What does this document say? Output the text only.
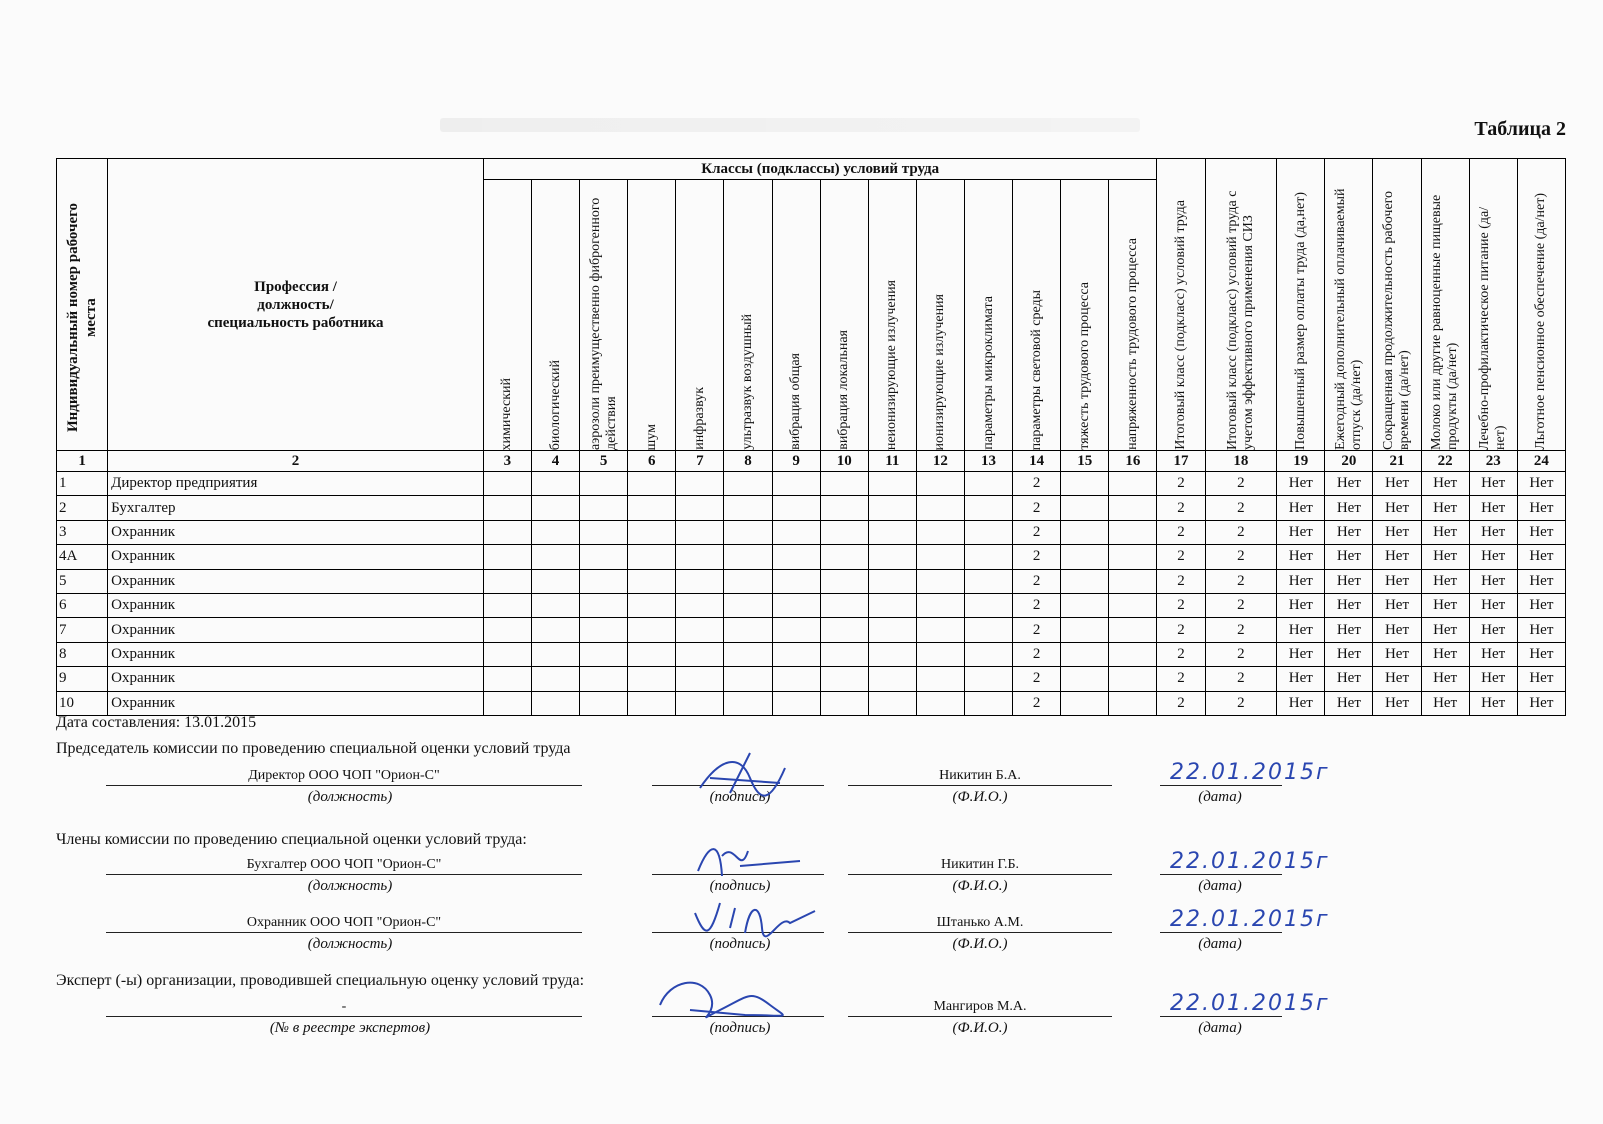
Таблица 2
Индивидуальный номер рабочего места	Профессия /
должность/
специальность работника	Классы (подклассы) условий труда														Итоговый класс (подкласс) условий труда	Итоговый класс (подкласс) условий труда с учетом эффективного применения СИЗ	Повышенный размер оплаты труда (да,нет)	Ежегодный дополнительный оплачиваемый отпуск (да/нет)	Сокращенная продолжительность рабочего времени (да/нет)	Молоко или другие равноценные пищевые продукты (да/нет)	Лечебно-профилактическое питание (да/нет)	Льготное пенсионное обеспечение (да/нет)

		химический	биологический	аэрозоли преимущественно фиброгенного действия	шум	инфразвук	ультразвук воздушный	вибрация общая	вибрация локальная	неионизирующие излучения	ионизирующие излучения	параметры микроклимата	параметры световой среды	тяжесть трудового процесса	напряженность трудового процесса								

1	2	3	4	5	6	7	8	9	10	11	12	13	14	15	16	17	18	19	20	21	22	23	24
1	Директор предприятия												2			2	2	Нет	Нет	Нет	Нет	Нет	Нет
2	Бухгалтер												2			2	2	Нет	Нет	Нет	Нет	Нет	Нет
3	Охранник												2			2	2	Нет	Нет	Нет	Нет	Нет	Нет
4А	Охранник												2			2	2	Нет	Нет	Нет	Нет	Нет	Нет
5	Охранник												2			2	2	Нет	Нет	Нет	Нет	Нет	Нет
6	Охранник												2			2	2	Нет	Нет	Нет	Нет	Нет	Нет
7	Охранник												2			2	2	Нет	Нет	Нет	Нет	Нет	Нет
8	Охранник												2			2	2	Нет	Нет	Нет	Нет	Нет	Нет
9	Охранник												2			2	2	Нет	Нет	Нет	Нет	Нет	Нет
10	Охранник												2			2	2	Нет	Нет	Нет	Нет	Нет	Нет
Дата составления: 13.01.2015
Председатель комиссии по проведению специальной оценки условий труда
Директор ООО ЧОП "Орион-С"	Никитин Б.А.	22.01.2015г
(должность)	(подпись)	(Ф.И.О.)	(дата)
Члены комиссии по проведению специальной оценки условий труда:
Бухгалтер ООО ЧОП "Орион-С"	Никитин Г.Б.	22.01.2015г
(должность)	(подпись)	(Ф.И.О.)	(дата)
Охранник ООО ЧОП "Орион-С"	Штанько А.М.	22.01.2015г
(должность)	(подпись)	(Ф.И.О.)	(дата)
Эксперт (-ы) организации, проводившей специальную оценку условий труда:
-	Мангиров М.А.	22.01.2015г
(№ в реестре экспертов)	(подпись)	(Ф.И.О.)	(дата)
